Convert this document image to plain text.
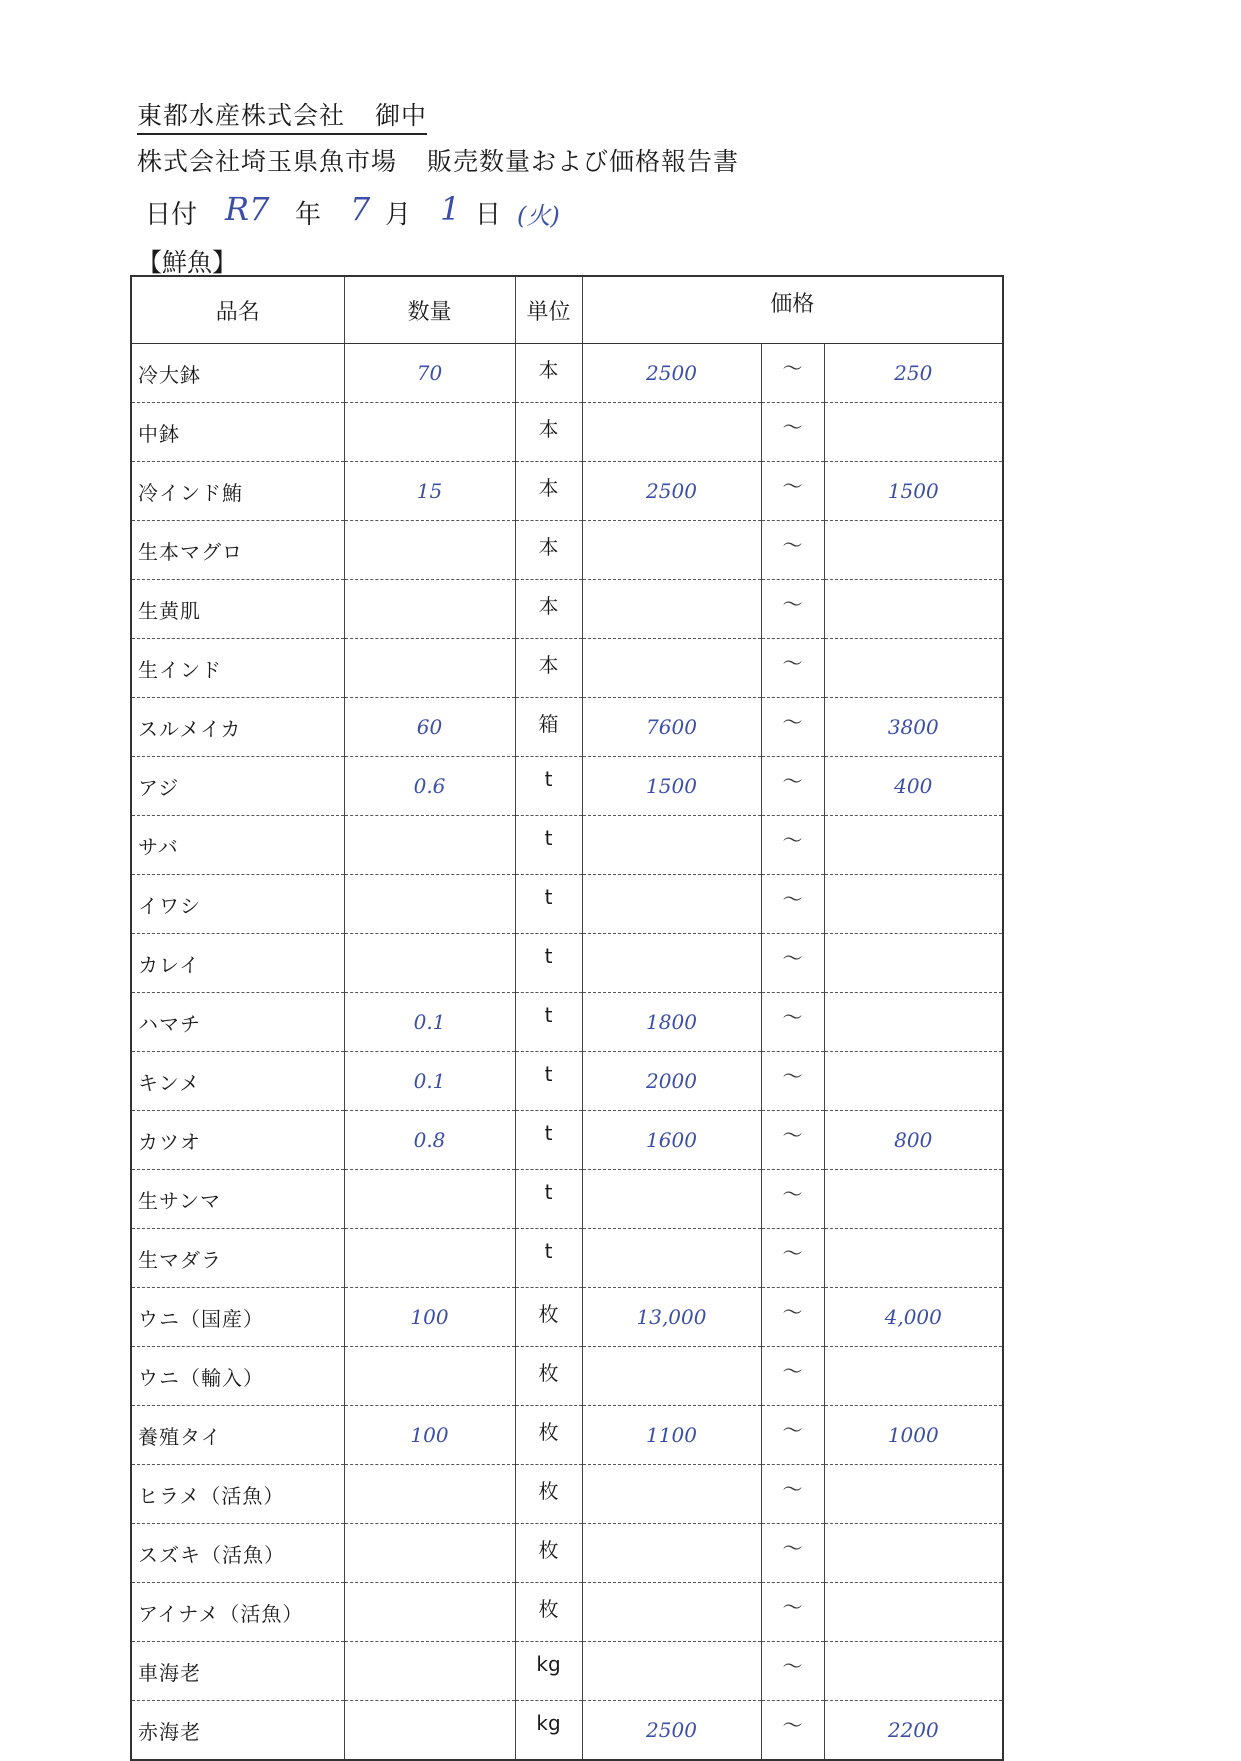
東都水産株式会社 御中
株式会社埼玉県魚市場 販売数量および価格報告書
日付 R7 年 7 月 1 日 (火)
【鮮魚】
品名	数量	単位	価格		
冷大鉢	70	本	2500	～	250
中鉢		本		～	
冷インド鮪	15	本	2500	～	1500
生本マグロ		本		～	
生黄肌		本		～	
生インド		本		～	
スルメイカ	60	箱	7600	～	3800
アジ	0.6	t	1500	～	400
サバ		t		～	
イワシ		t		～	
カレイ		t		～	
ハマチ	0.1	t	1800	～	
キンメ	0.1	t	2000	～	
カツオ	0.8	t	1600	～	800
生サンマ		t		～	
生マダラ		t		～	
ウニ（国産）	100	枚	13,000	～	4,000
ウニ（輸入）		枚		～	
養殖タイ	100	枚	1100	～	1000
ヒラメ（活魚）		枚		～	
スズキ（活魚）		枚		～	
アイナメ（活魚）		枚		～	
車海老		kg		～	
赤海老		kg	2500	～	2200
